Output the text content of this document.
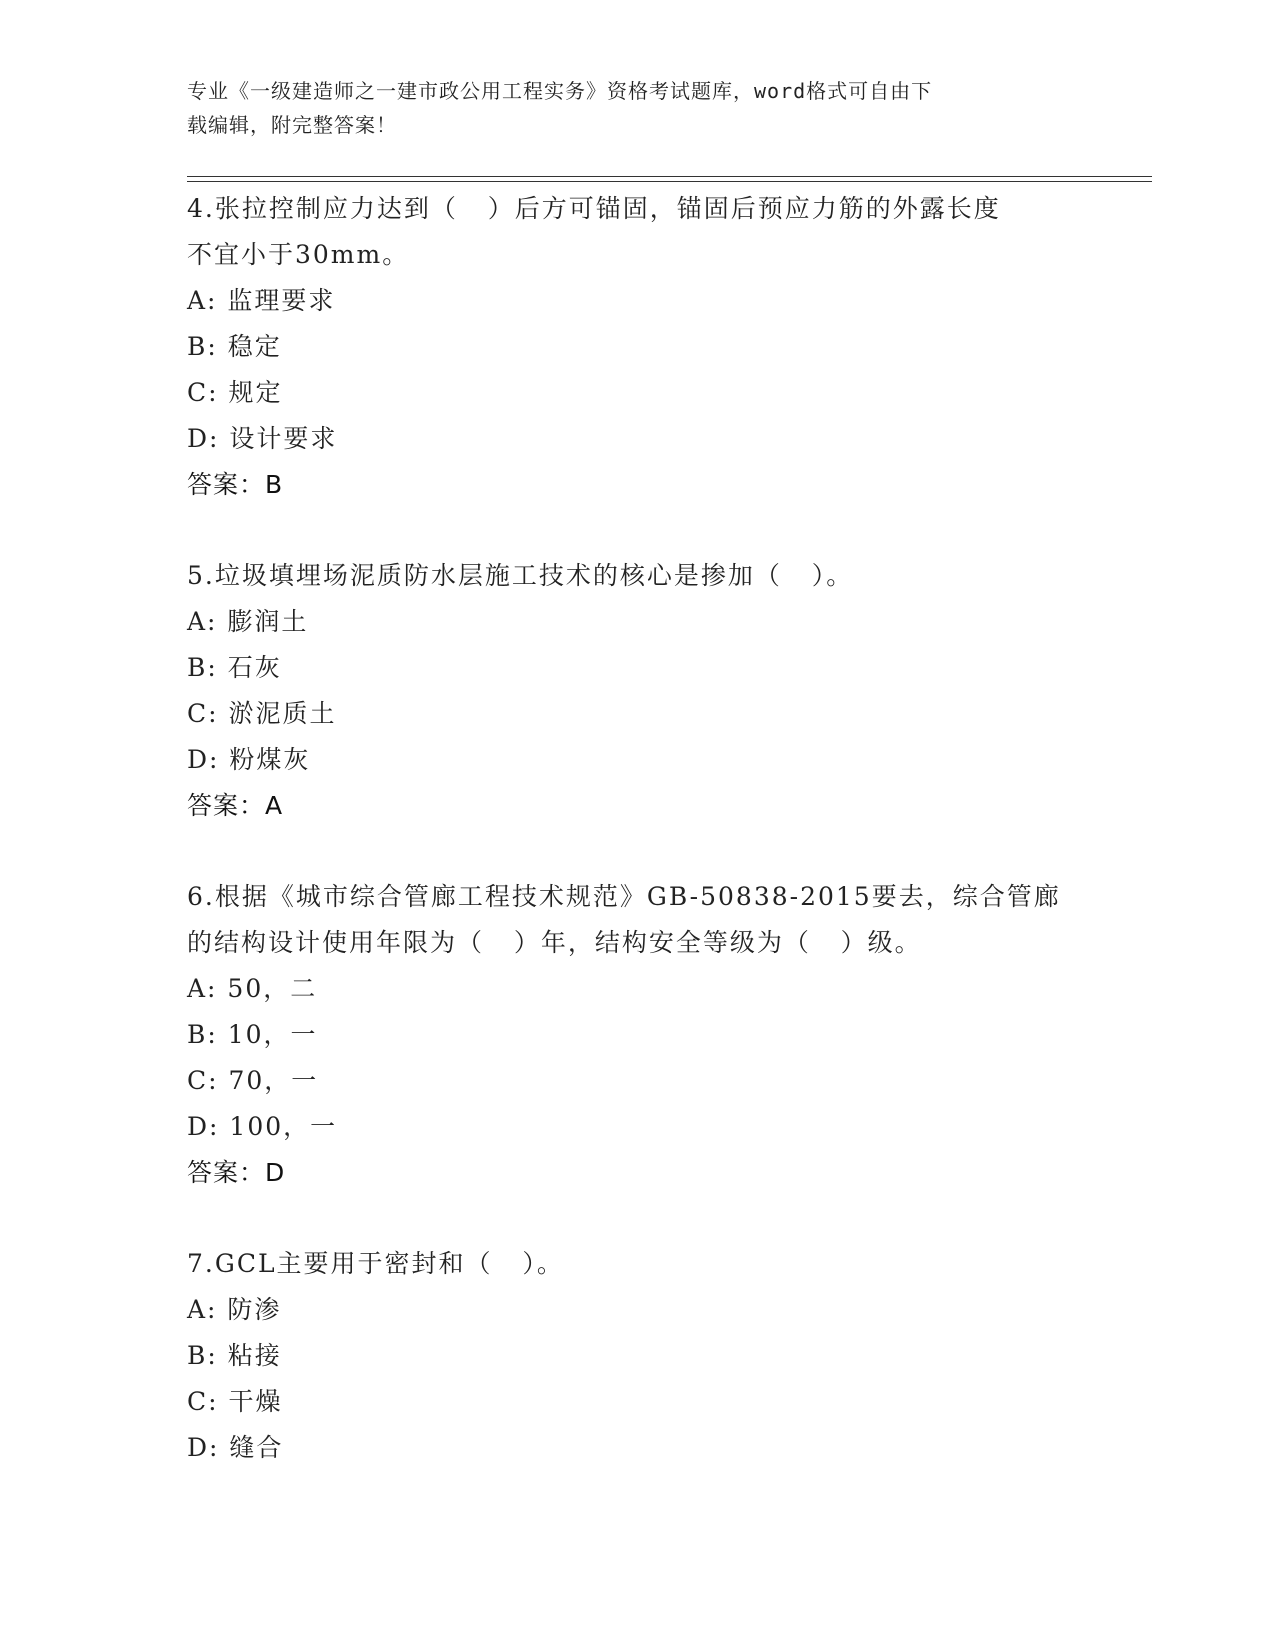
专业《一级建造师之一建市政公用工程实务》资格考试题库，word格式可自由下
载编辑，附完整答案！
4.张拉控制应力达到（   ）后方可锚固，锚固后预应力筋的外露长度
不宜小于30mm。
A: 监理要求
B: 稳定
C: 规定
D: 设计要求
答案：B
5.垃圾填埋场泥质防水层施工技术的核心是掺加（   ）。
A: 膨润土
B: 石灰
C: 淤泥质土
D: 粉煤灰
答案：A
6.根据《城市综合管廊工程技术规范》GB-50838-2015要去，综合管廊
的结构设计使用年限为（   ）年，结构安全等级为（   ）级。
A: 50，二
B: 10，一
C: 70，一
D: 100，一
答案：D
7.GCL主要用于密封和（   ）。
A: 防渗
B: 粘接
C: 干燥
D: 缝合
